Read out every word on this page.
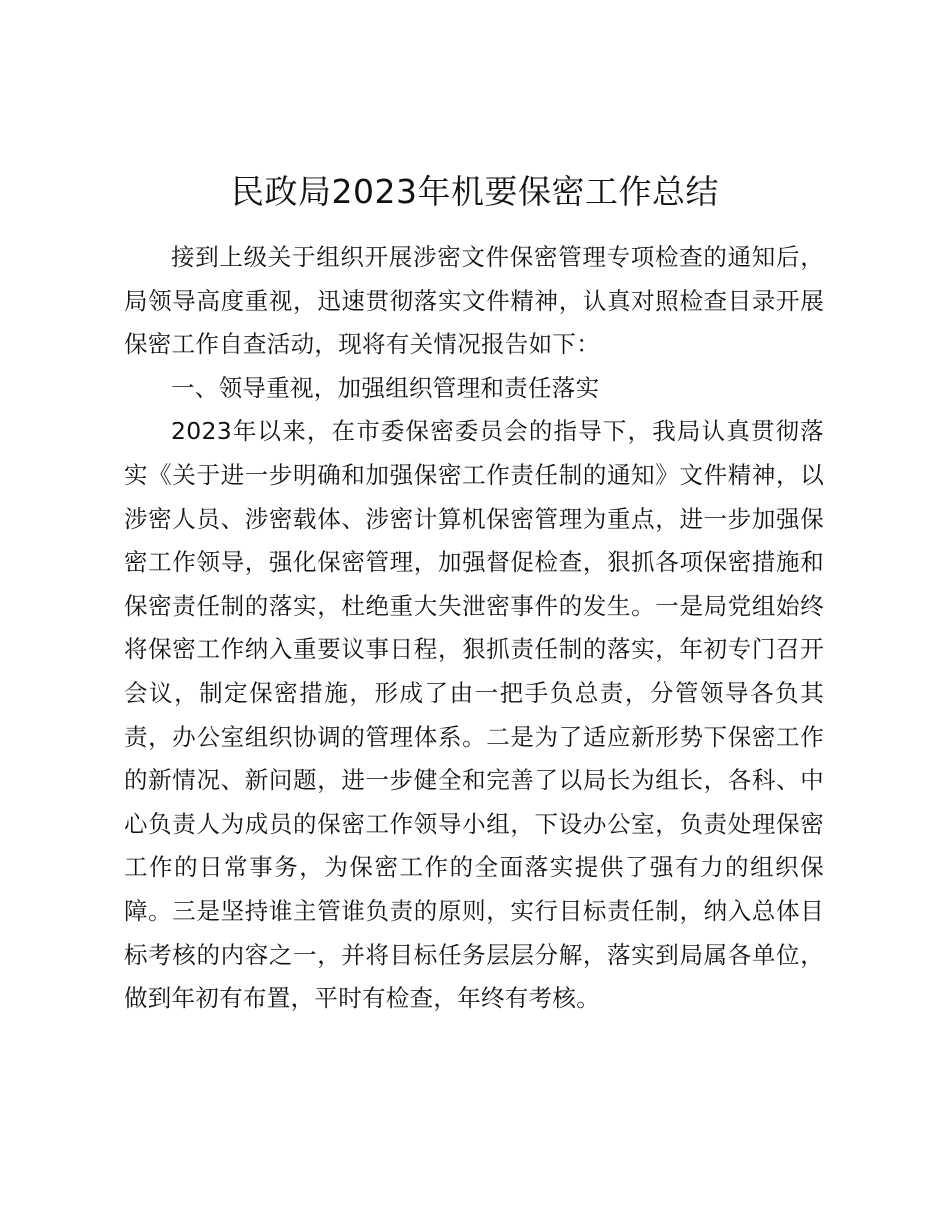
民政局2023年机要保密工作总结

接到上级关于组织开展涉密文件保密管理专项检查的通知后，局领导高度重视，迅速贯彻落实文件精神，认真对照检查目录开展保密工作自查活动，现将有关情况报告如下：

一、领导重视，加强组织管理和责任落实

2023年以来，在市委保密委员会的指导下，我局认真贯彻落实《关于进一步明确和加强保密工作责任制的通知》文件精神，以涉密人员、涉密载体、涉密计算机保密管理为重点，进一步加强保密工作领导，强化保密管理，加强督促检查，狠抓各项保密措施和保密责任制的落实，杜绝重大失泄密事件的发生。一是局党组始终将保密工作纳入重要议事日程，狠抓责任制的落实，年初专门召开会议，制定保密措施，形成了由一把手负总责，分管领导各负其责，办公室组织协调的管理体系。二是为了适应新形势下保密工作的新情况、新问题，进一步健全和完善了以局长为组长，各科、中心负责人为成员的保密工作领导小组，下设办公室，负责处理保密工作的日常事务，为保密工作的全面落实提供了强有力的组织保障。三是坚持谁主管谁负责的原则，实行目标责任制，纳入总体目标考核的内容之一，并将目标任务层层分解，落实到局属各单位，做到年初有布置，平时有检查，年终有考核。
